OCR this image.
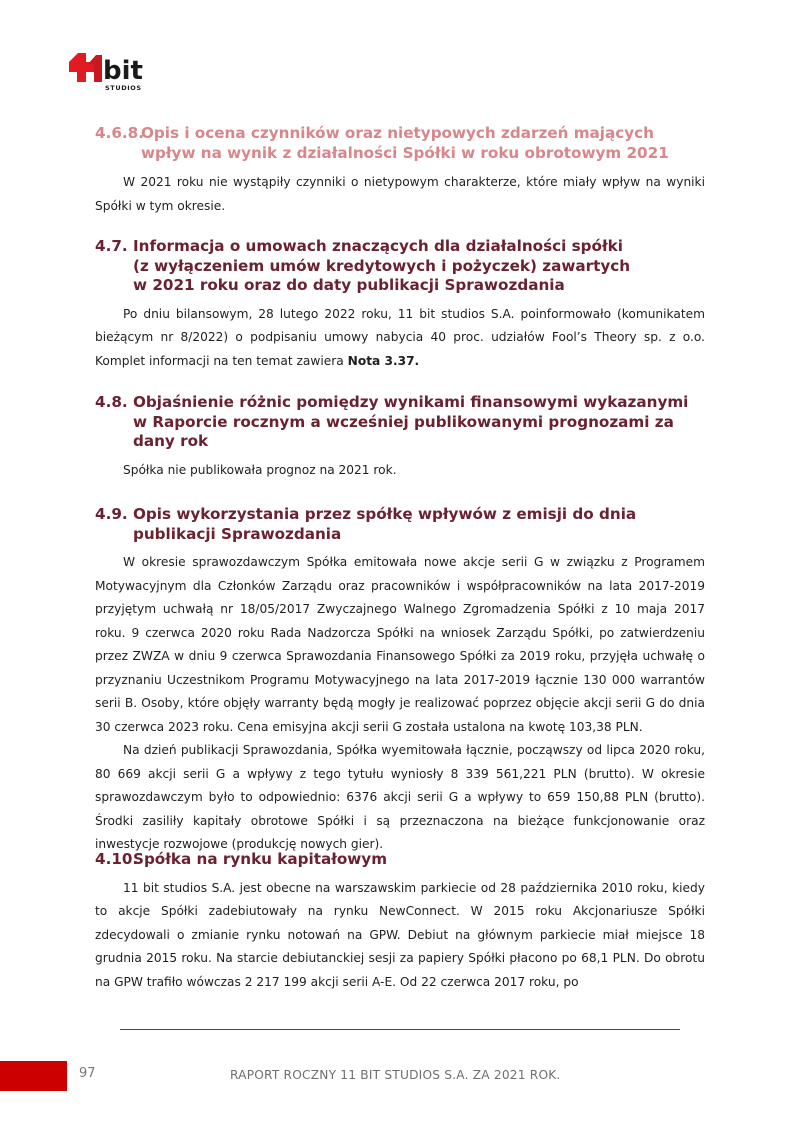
bit
STUDIOS
4.6.8.
Opis i ocena czynników oraz nietypowych zdarzeń mających wpływ na wynik z działalności Spółki w roku obrotowym 2021

W 2021 roku nie wystąpiły czynniki o nietypowym charakterze, które miały wpływ na wyniki Spółki w tym okresie.

4.7. Informacja o umowach znaczących dla działalności spółki (z wyłączeniem umów kredytowych i pożyczek) zawartych w 2021 roku oraz do daty publikacji Sprawozdania

Po dniu bilansowym, 28 lutego 2022 roku, 11 bit studios S.A. poinformowało (komunikatem bieżącym nr 8/2022) o podpisaniu umowy nabycia 40 proc. udziałów Fool’s Theory sp. z o.o. Komplet informacji na ten temat zawiera Nota 3.37.

4.8. Objaśnienie różnic pomiędzy wynikami finansowymi wykazanymi w Raporcie rocznym a wcześniej publikowanymi prognozami za dany rok

Spółka nie publikowała prognoz na 2021 rok.

4.9. Opis wykorzystania przez spółkę wpływów z emisji do dnia publikacji Sprawozdania

W okresie sprawozdawczym Spółka emitowała nowe akcje serii G w związku z Programem Motywacyjnym dla Członków Zarządu oraz pracowników i współpracowników na lata 2017-2019 przyjętym uchwałą nr 18/05/2017 Zwyczajnego Walnego Zgromadzenia Spółki z 10 maja 2017 roku. 9 czerwca 2020 roku Rada Nadzorcza Spółki na wniosek Zarządu Spółki, po zatwierdzeniu przez ZWZA w dniu 9 czerwca Sprawozdania Finansowego Spółki za 2019 roku, przyjęła uchwałę o przyznaniu Uczestnikom Programu Motywacyjnego na lata 2017-2019 łącznie 130 000 warrantów serii B. Osoby, które objęły warranty będą mogły je realizować poprzez objęcie akcji serii G do dnia 30 czerwca 2023 roku. Cena emisyjna akcji serii G została ustalona na kwotę 103,38 PLN.

Na dzień publikacji Sprawozdania, Spółka wyemitowała łącznie, począwszy od lipca 2020 roku, 80 669 akcji serii G a wpływy z tego tytułu wyniosły 8 339 561,221 PLN (brutto). W okresie sprawozdawczym było to odpowiednio: 6376 akcji serii G a wpływy to 659 150,88 PLN (brutto). Środki zasiliły kapitały obrotowe Spółki i są przeznaczona na bieżące funkcjonowanie oraz inwestycje rozwojowe (produkcję nowych gier).

4.10.
Spółka na rynku kapitałowym

11 bit studios S.A. jest obecne na warszawskim parkiecie od 28 października 2010 roku, kiedy to akcje Spółki zadebiutowały na rynku NewConnect. W 2015 roku Akcjonariusze Spółki zdecydowali o zmianie rynku notowań na GPW. Debiut na głównym parkiecie miał miejsce 18 grudnia 2015 roku. Na starcie debiutanckiej sesji za papiery Spółki płacono po 68,1 PLN. Do obrotu na GPW trafiło wówczas 2 217 199 akcji serii A-E. Od 22 czerwca 2017 roku, po

97	RAPORT ROCZNY 11 BIT STUDIOS S.A. ZA 2021 ROK.
